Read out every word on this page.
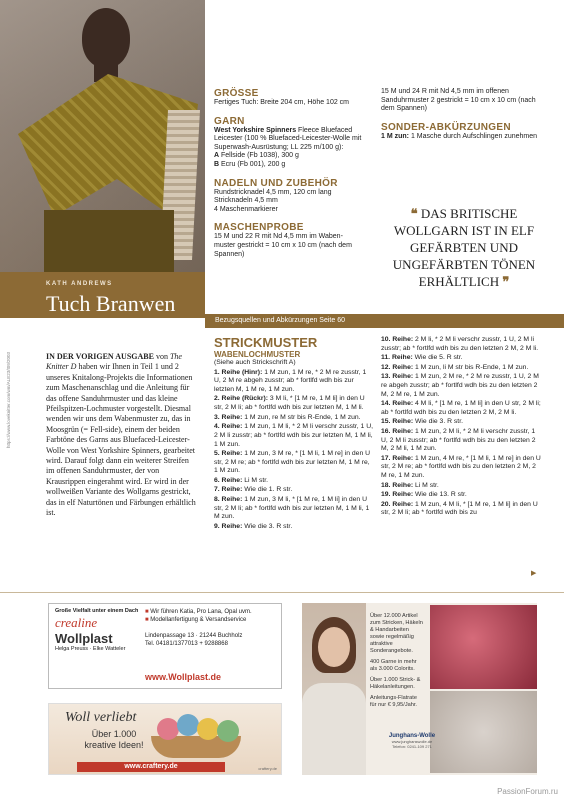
KATH ANDREWS
Tuch Branwen
https://www.loveknitter.com/wm/ALE23/t09/2003
GRÖSSE
Fertiges Tuch: Breite 204 cm, Höhe 102 cm
GARN
West Yorkshire Spinners Fleece Bluefaced Leicester (100 % Bluefaced-Leicester-Wolle mit Superwash-Ausrüstung; LL 225 m/100 g):
A Fellside (Fb 1038), 300 g
B Ecru (Fb 001), 200 g
NADELN UND ZUBEHÖR
Rundstricknadel 4,5 mm, 120 cm lang
Stricknadeln 4,5 mm
4 Maschenmarkierer
MASCHENPROBE
15 M und 22 R mit Nd 4,5 mm im Waben-muster gestrickt = 10 cm x 10 cm (nach dem Spannen)
15 M und 24 R mit Nd 4,5 mm im offenen Sanduhrmuster 2 gestrickt = 10 cm x 10 cm (nach dem Spannen)
SONDER-ABKÜRZUNGEN
1 M zun: 1 Masche durch Aufschlingen zunehmen
❝ DAS BRITISCHE WOLLGARN IST IN ELF GEFÄRBTEN UND UNGEFÄRBTEN TÖNEN ERHÄLTLICH ❞
Bezugsquellen und Abkürzungen Seite 60
IN DER VORIGEN AUSGABE von The Knitter D haben wir Ihnen in Teil 1 und 2 unseres Knitalong-Projekts die Informationen zum Maschenanschlag und die Anleitung für das offene Sanduhrmuster und das kleine Pfeilspitzen-Lochmuster vorgestellt. Diesmal wenden wir uns dem Wabenmuster zu, das in Moosgrün (= Fell-side), einem der beiden Farbtöne des Garns aus Bluefaced-Leicester-Wolle von West Yorkshire Spinners, gearbeitet wird. Darauf folgt dann ein weiterer Streifen im offenen Sanduhrmuster, der von Krausrippen eingerahmt wird. Er wird in der wollweißen Variante des Wollgarns gestrickt, das in elf Naturtönen und Färbungen erhältlich ist.
STRICKMUSTER
WABENLOCHMUSTER
(Siehe auch Strickschrift A)
1. Reihe (Hinr): 1 M zun, 1 M re, * 2 M re zusstr, 1 U, 2 M re abgeh zusstr; ab * fortlfd wdh bis zur letzten M, 1 M re, 1 M zun.
2. Reihe (Rückr): 3 M li, * [1 M re, 1 M li] in den U str, 2 M li; ab * fortlfd wdh bis zur letzten M, 1 M li.
3. Reihe: 1 M zun, re M str bis R-Ende, 1 M zun.
4. Reihe: 1 M zun, 1 M li, * 2 M li verschr zusstr, 1 U, 2 M li zusstr; ab * fortlfd wdh bis zur letzten M, 1 M li, 1 M zun.
5. Reihe: 1 M zun, 3 M re, * [1 M li, 1 M re] in den U str, 2 M re; ab * fortlfd wdh bis zur letzten M, 1 M re, 1 M zun.
6. Reihe: Li M str.
7. Reihe: Wie die 1. R str.
8. Reihe: 1 M zun, 3 M li, * [1 M re, 1 M li] in den U str, 2 M li; ab * fortlfd wdh bis zur letzten M, 1 M li, 1 M zun.
9. Reihe: Wie die 3. R str.
10. Reihe: 2 M li, * 2 M li verschr zusstr, 1 U, 2 M li zusstr; ab * fortlfd wdh bis zu den letzten 2 M, 2 M li.
11. Reihe: Wie die 5. R str.
12. Reihe: 1 M zun, li M str bis R-Ende, 1 M zun.
13. Reihe: 1 M zun, 2 M re, * 2 M re zusstr, 1 U, 2 M re abgeh zusstr; ab * fortlfd wdh bis zu den letzten 2 M, 2 M re, 1 M zun.
14. Reihe: 4 M li, * [1 M re, 1 M li] in den U str, 2 M li; ab * fortlfd wdh bis zu den letzten 2 M, 2 M li.
15. Reihe: Wie die 3. R str.
16. Reihe: 1 M zun, 2 M li, * 2 M li verschr zusstr, 1 U, 2 M li zusstr; ab * fortlfd wdh bis zu den letzten 2 M, 2 M li, 1 M zun.
17. Reihe: 1 M zun, 4 M re, * [1 M li, 1 M re] in den U str, 2 M re; ab * fortlfd wdh bis zu den letzten 2 M, 2 M re, 1 M zun.
18. Reihe: Li M str.
19. Reihe: Wie die 13. R str.
20. Reihe: 1 M zun, 4 M li, * [1 M re, 1 M li] in den U str, 2 M li; ab * fortlfd wdh bis zu
▶
Große Vielfalt unter einem Dach
crealine
Wollplast
Helga Preuss · Elke Watteler
■ Wir führen Katia, Pro Lana, Opal uvm.
■ Modellanfertigung & Versandservice
Lindenpassage 13 · 21244 Buchholz
Tel. 04181/1377013 + 9288868
www.Wollplast.de
Woll verliebt
Über 1.000 kreative Ideen!
www.craftery.de	craftery.de
Über 12.000 Artikel zum Stricken, Häkeln & Handarbeiten sowie regelmäßig attraktive Sonderangebote.
400 Garne in mehr als 3.000 Colorits.
Über 1.000 Strick- & Häkelanleitungen.
Anleitungs-Flatrate für nur € 9,95/Jahr.
Junghans-Wolle
www.junghanswolle.de
Telefon: 0241-109 271
PassionForum.ru
